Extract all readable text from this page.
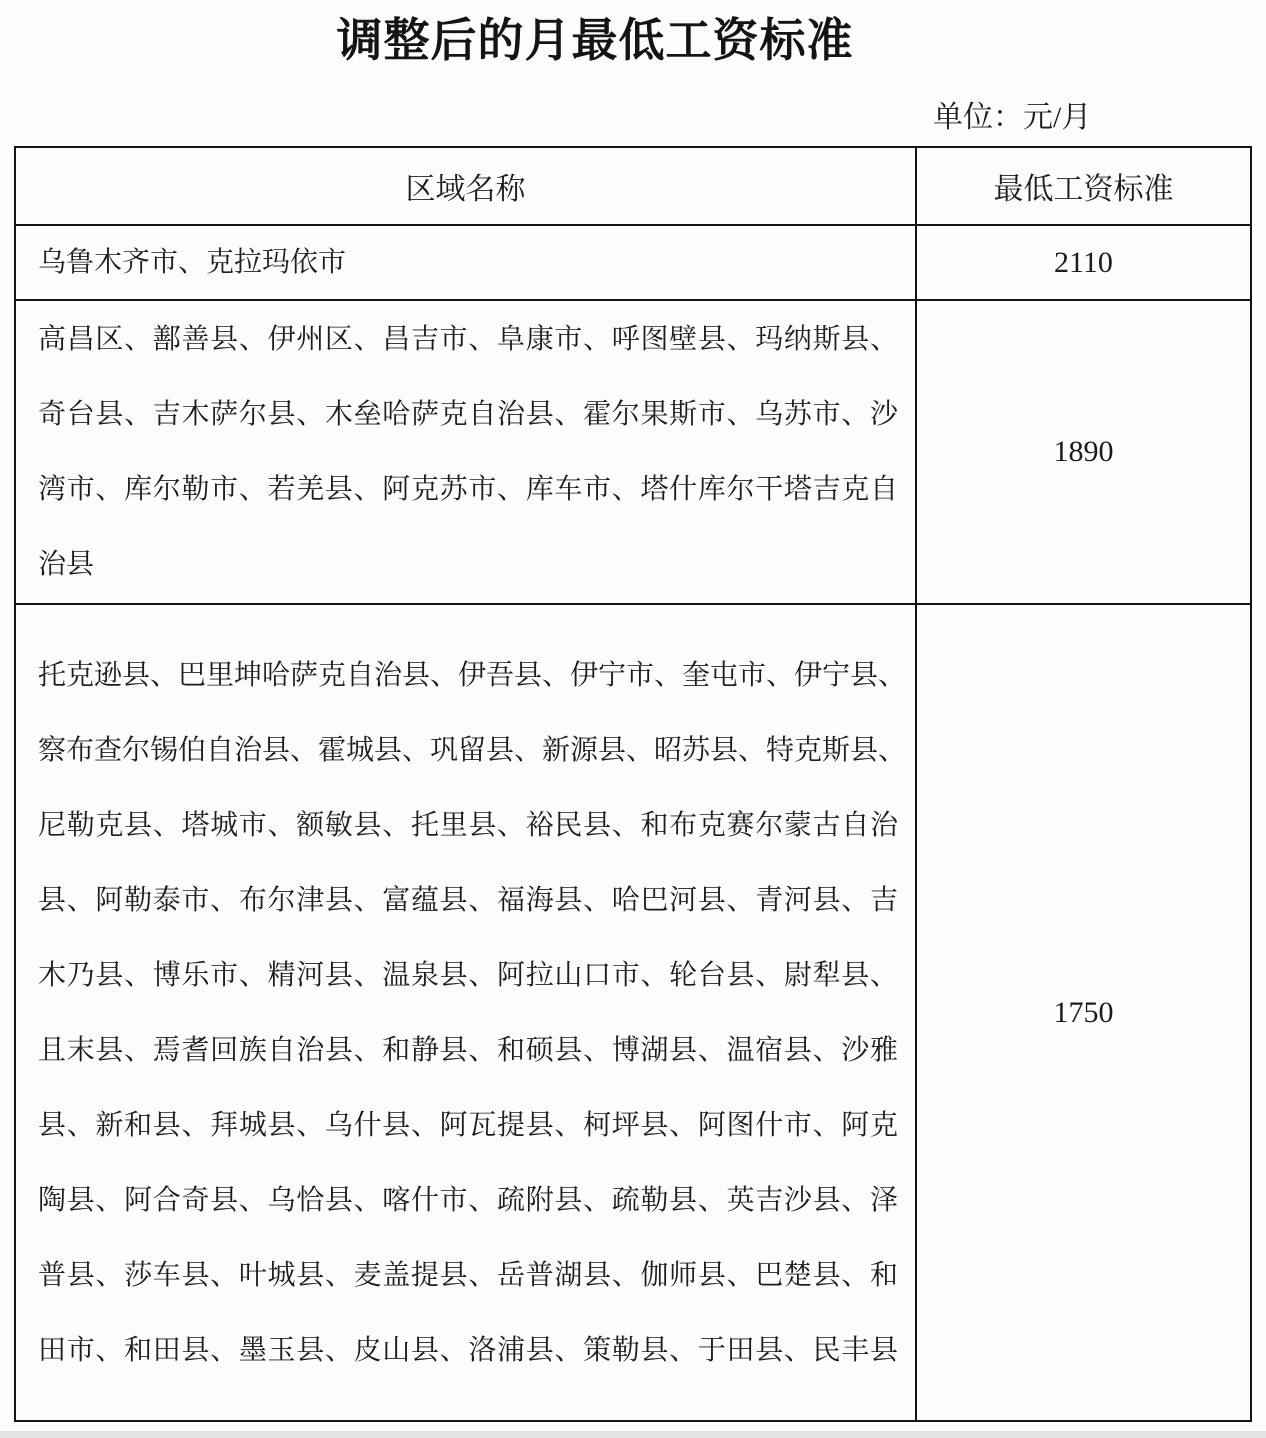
调整后的月最低工资标准
单位：元/月
区域名称	最低工资标准
乌鲁木齐市、克拉玛依市	2110
高昌区、鄯善县、伊州区、昌吉市、阜康市、呼图壁县、玛纳斯县、
奇台县、吉木萨尔县、木垒哈萨克自治县、霍尔果斯市、乌苏市、沙
湾市、库尔勒市、若羌县、阿克苏市、库车市、塔什库尔干塔吉克自
治县
1890
托克逊县、巴里坤哈萨克自治县、伊吾县、伊宁市、奎屯市、伊宁县、
察布查尔锡伯自治县、霍城县、巩留县、新源县、昭苏县、特克斯县、
尼勒克县、塔城市、额敏县、托里县、裕民县、和布克赛尔蒙古自治
县、阿勒泰市、布尔津县、富蕴县、福海县、哈巴河县、青河县、吉
木乃县、博乐市、精河县、温泉县、阿拉山口市、轮台县、尉犁县、
且末县、焉耆回族自治县、和静县、和硕县、博湖县、温宿县、沙雅
县、新和县、拜城县、乌什县、阿瓦提县、柯坪县、阿图什市、阿克
陶县、阿合奇县、乌恰县、喀什市、疏附县、疏勒县、英吉沙县、泽
普县、莎车县、叶城县、麦盖提县、岳普湖县、伽师县、巴楚县、和
田市、和田县、墨玉县、皮山县、洛浦县、策勒县、于田县、民丰县
1750
